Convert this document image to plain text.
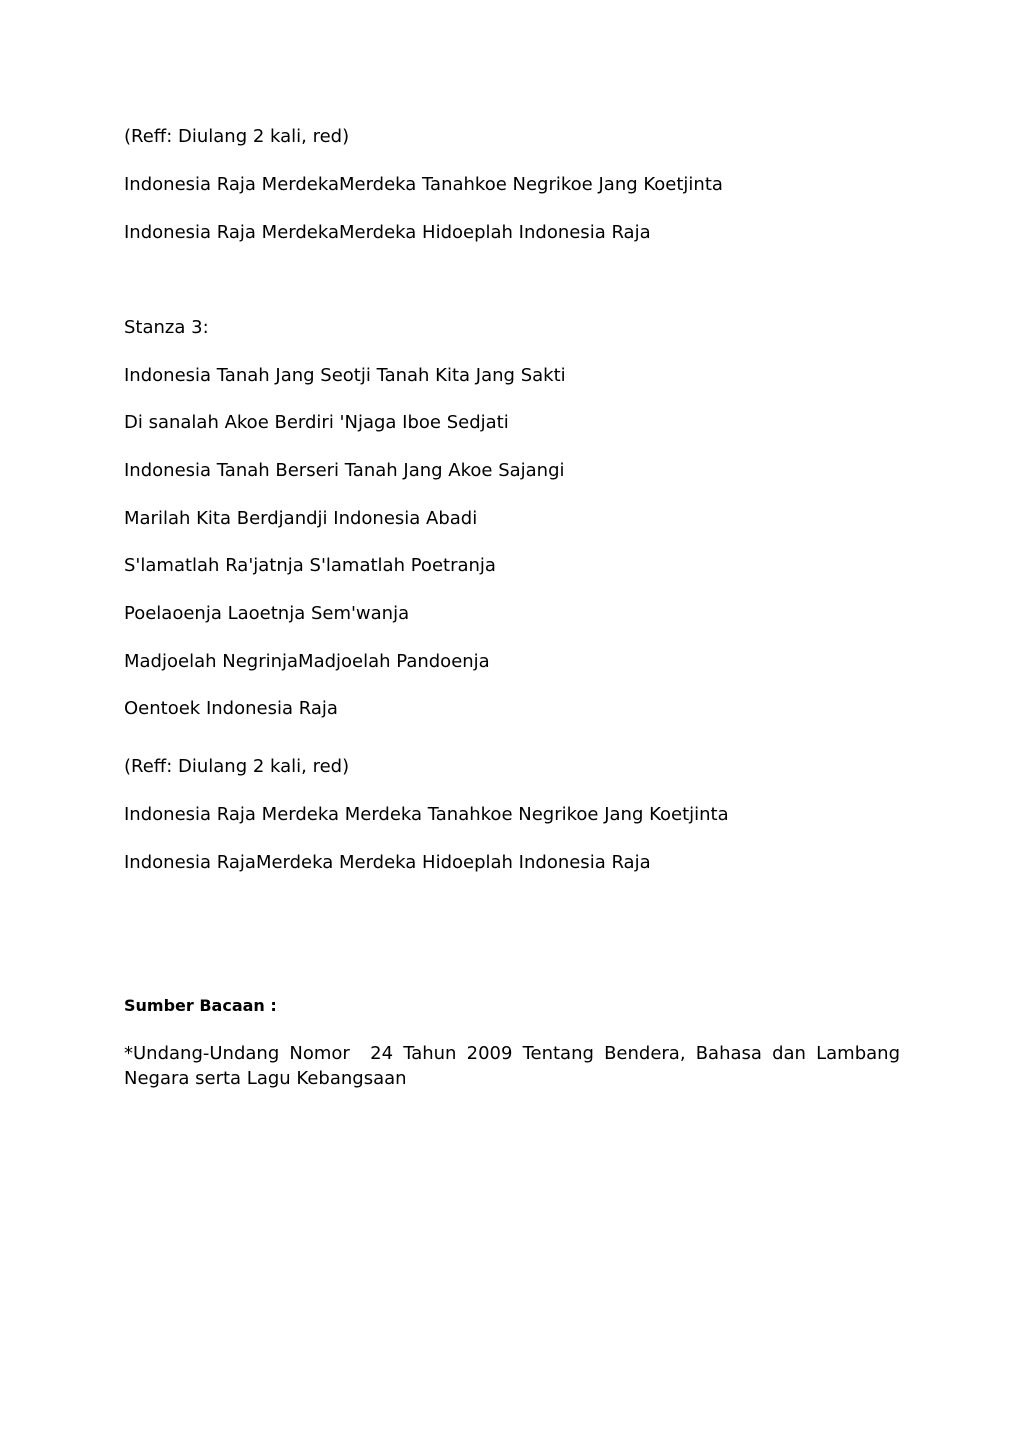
(Reff: Diulang 2 kali, red)
Indonesia Raja MerdekaMerdeka Tanahkoe Negrikoe Jang Koetjinta
Indonesia Raja MerdekaMerdeka Hidoeplah Indonesia Raja
Stanza 3:
Indonesia Tanah Jang Seotji Tanah Kita Jang Sakti
Di sanalah Akoe Berdiri 'Njaga Iboe Sedjati
Indonesia Tanah Berseri Tanah Jang Akoe Sajangi
Marilah Kita Berdjandji Indonesia Abadi
S'lamatlah Ra'jatnja S'lamatlah Poetranja
Poelaoenja Laoetnja Sem'wanja
Madjoelah NegrinjaMadjoelah Pandoenja
Oentoek Indonesia Raja
(Reff: Diulang 2 kali, red)
Indonesia Raja Merdeka Merdeka Tanahkoe Negrikoe Jang Koetjinta
Indonesia RajaMerdeka Merdeka Hidoeplah Indonesia Raja
Sumber Bacaan :
*Undang-Undang Nomor  24 Tahun 2009 Tentang Bendera, Bahasa dan Lambang Negara serta Lagu Kebangsaan
